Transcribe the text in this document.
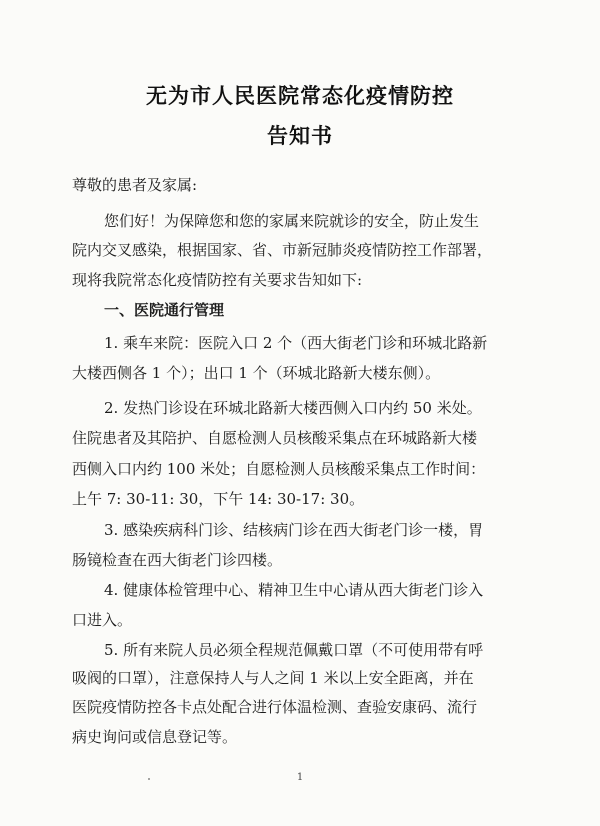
无为市人民医院常态化疫情防控
告知书

尊敬的患者及家属:

您们好！为保障您和您的家属来院就诊的安全，防止发生

院内交叉感染，根据国家、省、市新冠肺炎疫情防控工作部署，

现将我院常态化疫情防控有关要求告知如下:

一、医院通行管理

1. 乘车来院：医院入口 2 个（西大街老门诊和环城北路新

大楼西侧各 1 个）；出口 1 个（环城北路新大楼东侧）。

2. 发热门诊设在环城北路新大楼西侧入口内约 50 米处。

住院患者及其陪护、自愿检测人员核酸采集点在环城路新大楼

西侧入口内约 100 米处；自愿检测人员核酸采集点工作时间：

上午 7: 30-11: 30，下午 14: 30-17: 30。

3. 感染疾病科门诊、结核病门诊在西大街老门诊一楼，胃

肠镜检查在西大街老门诊四楼。

4. 健康体检管理中心、精神卫生中心请从西大街老门诊入

口进入。

5. 所有来院人员必须全程规范佩戴口罩（不可使用带有呼

吸阀的口罩），注意保持人与人之间 1 米以上安全距离，并在

医院疫情防控各卡点处配合进行体温检测、查验安康码、流行

病史询问或信息登记等。

1
